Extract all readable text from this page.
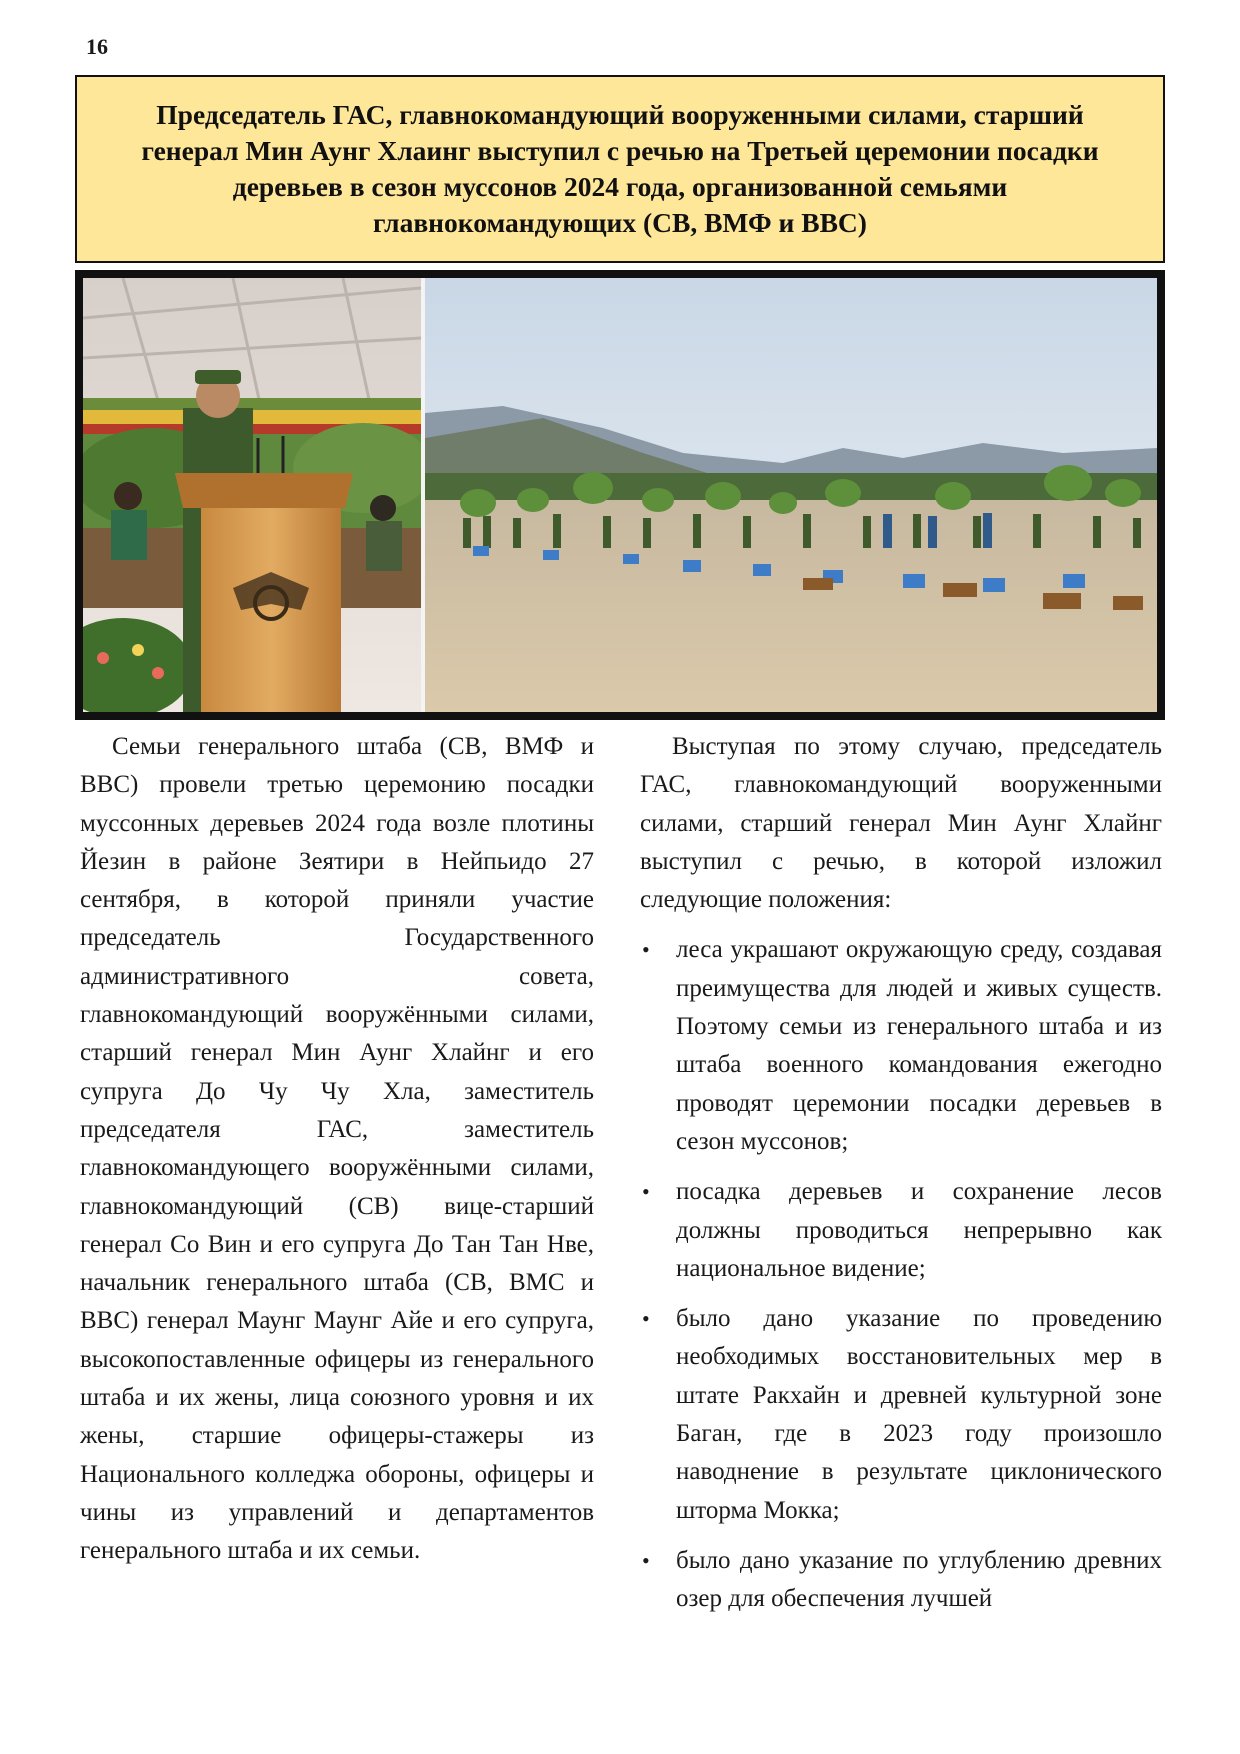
16
Председатель ГАС, главнокомандующий вооруженными силами, старший генерал Мин Аунг Хлаинг выступил с речью на Третьей церемонии посадки деревьев в сезон муссонов 2024 года, организованной семьями главнокомандующих (СВ, ВМФ и ВВС)

Семьи генерального штаба (СВ, ВМФ и ВВС) провели третью церемонию посадки муссонных деревьев 2024 года возле плотины Йезин в районе Зеятири в Нейпьидо 27 сентября, в которой приняли участие председатель Государственного административного совета, главнокомандующий вооружёнными силами, старший генерал Мин Аунг Хлайнг и его супруга До Чу Чу Хла, заместитель председателя ГАС, заместитель главнокомандующего вооружёнными силами, главнокомандующий (СВ) вице-старший генерал Со Вин и его супруга До Тан Тан Нве, начальник генерального штаба (СВ, ВМС и ВВС) генерал Маунг Маунг Айе и его супруга, высокопоставленные офицеры из генерального штаба и их жены, лица союзного уровня и их жены, старшие офицеры-стажеры из Национального колледжа обороны, офицеры и чины из управлений и департаментов генерального штаба и их семьи.

Выступая по этому случаю, председатель ГАС, главнокомандующий вооруженными силами, старший генерал Мин Аунг Хлайнг выступил с речью, в которой изложил следующие положения:

• леса украшают окружающую среду, создавая преимущества для людей и живых существ. Поэтому семьи из генерального штаба и из штаба военного командования ежегодно проводят церемонии посадки деревьев в сезон муссонов;
• посадка деревьев и сохранение лесов должны проводиться непрерывно как национальное видение;
• было дано указание по проведению необходимых восстановительных мер в штате Ракхайн и древней культурной зоне Баган, где в 2023 году произошло наводнение в результате циклонического шторма Мокка;
• было дано указание по углублению древних озер для обеспечения лучшей
